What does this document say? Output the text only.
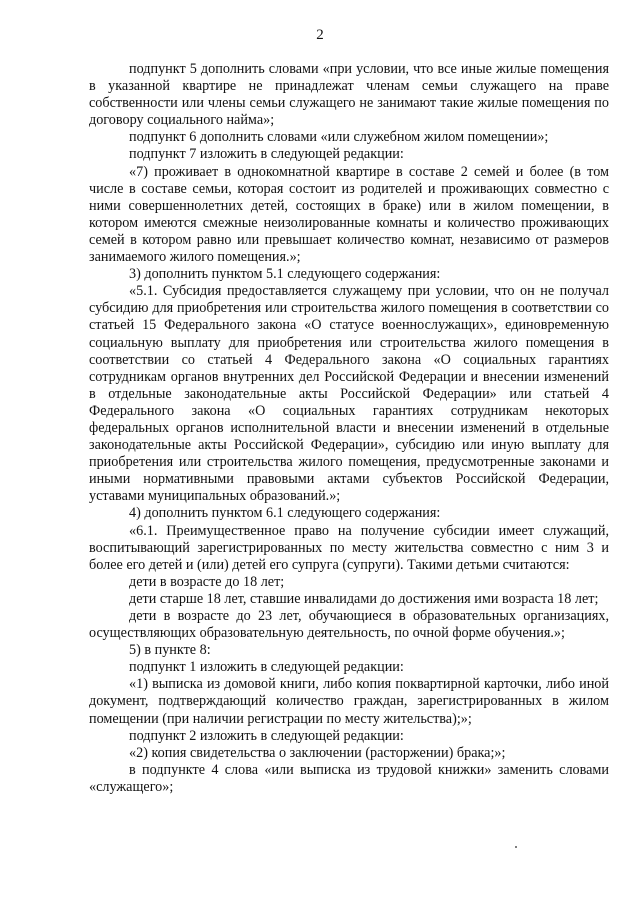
2

подпункт 5 дополнить словами «при условии, что все иные жилые помещения в указанной квартире не принадлежат членам семьи служащего на праве собственности или члены семьи служащего не занимают такие жилые помещения по договору социального найма»;

подпункт 6 дополнить словами «или служебном жилом помещении»;

подпункт 7 изложить в следующей редакции:

«7) проживает в однокомнатной квартире в составе 2 семей и более (в том числе в составе семьи, которая состоит из родителей и проживающих совместно с ними совершеннолетних детей, состоящих в браке) или в жилом помещении, в котором имеются смежные неизолированные комнаты и количество проживающих семей в котором равно или превышает количество комнат, независимо от размеров занимаемого жилого помещения.»;

3) дополнить пунктом 5.1 следующего содержания:

«5.1. Субсидия предоставляется служащему при условии, что он не получал субсидию для приобретения или строительства жилого помещения в соответствии со статьей 15 Федерального закона «О статусе военнослужащих», единовременную социальную выплату для приобретения или строительства жилого помещения в соответствии со статьей 4 Федерального закона «О социальных гарантиях сотрудникам органов внутренних дел Российской Федерации и внесении изменений в отдельные законодательные акты Российской Федерации» или статьей 4 Федерального закона «О социальных гарантиях сотрудникам некоторых федеральных органов исполнительной власти и внесении изменений в отдельные законодательные акты Российской Федерации», субсидию или иную выплату для приобретения или строительства жилого помещения, предусмотренные законами и иными нормативными правовыми актами субъектов Российской Федерации, уставами муниципальных образований.»;

4) дополнить пунктом 6.1 следующего содержания:

«6.1. Преимущественное право на получение субсидии имеет служащий, воспитывающий зарегистрированных по месту жительства совместно с ним 3 и более его детей и (или) детей его супруга (супруги). Такими детьми считаются:

дети в возрасте до 18 лет;

дети старше 18 лет, ставшие инвалидами до достижения ими возраста 18 лет;

дети в возрасте до 23 лет, обучающиеся в образовательных организациях, осуществляющих образовательную деятельность, по очной форме обучения.»;

5) в пункте 8:

подпункт 1 изложить в следующей редакции:

«1) выписка из домовой книги, либо копия поквартирной карточки, либо иной документ, подтверждающий количество граждан, зарегистрированных в жилом помещении (при наличии регистрации по месту жительства);»;

подпункт 2 изложить в следующей редакции:

«2) копия свидетельства о заключении (расторжении) брака;»;

в подпункте 4 слова «или выписка из трудовой книжки» заменить словами «служащего»;
